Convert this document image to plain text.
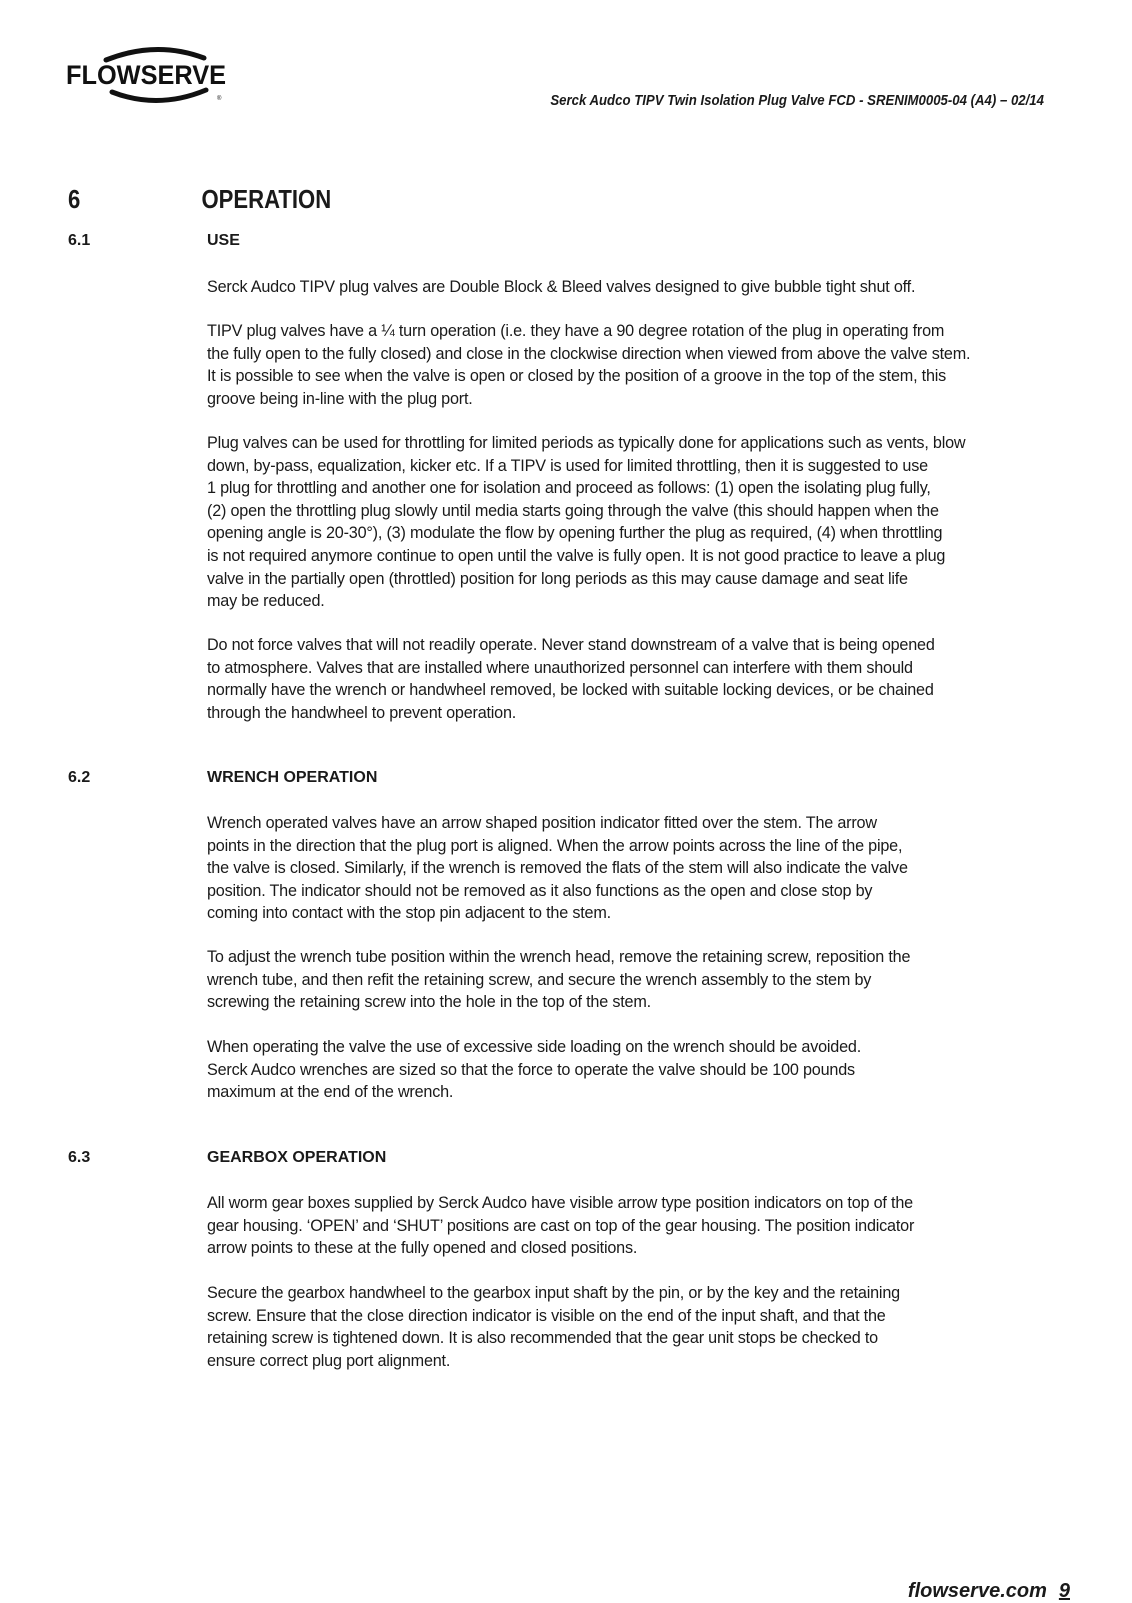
FLOWSERVE
®	Serck Audco TIPV Twin Isolation Plug Valve FCD - SRENIM0005-04 (A4) – 02/14
6	OPERATION
6.1	USE

Serck Audco TIPV plug valves are Double Block & Bleed valves designed to give bubble tight shut off.

TIPV plug valves have a ¼ turn operation (i.e. they have a 90 degree rotation of the plug in operating from
the fully open to the fully closed) and close in the clockwise direction when viewed from above the valve stem.
It is possible to see when the valve is open or closed by the position of a groove in the top of the stem, this
groove being in-line with the plug port.

Plug valves can be used for throttling for limited periods as typically done for applications such as vents, blow
down, by-pass, equalization, kicker etc. If a TIPV is used for limited throttling, then it is suggested to use
1 plug for throttling and another one for isolation and proceed as follows: (1) open the isolating plug fully,
(2) open the throttling plug slowly until media starts going through the valve (this should happen when the
opening angle is 20-30°), (3) modulate the flow by opening further the plug as required, (4) when throttling
is not required anymore continue to open until the valve is fully open. It is not good practice to leave a plug
valve in the partially open (throttled) position for long periods as this may cause damage and seat life
may be reduced.

Do not force valves that will not readily operate. Never stand downstream of a valve that is being opened
to atmosphere. Valves that are installed where unauthorized personnel can interfere with them should
normally have the wrench or handwheel removed, be locked with suitable locking devices, or be chained
through the handwheel to prevent operation.

6.2	WRENCH OPERATION

Wrench operated valves have an arrow shaped position indicator fitted over the stem. The arrow
points in the direction that the plug port is aligned. When the arrow points across the line of the pipe,
the valve is closed. Similarly, if the wrench is removed the flats of the stem will also indicate the valve
position. The indicator should not be removed as it also functions as the open and close stop by
coming into contact with the stop pin adjacent to the stem.

To adjust the wrench tube position within the wrench head, remove the retaining screw, reposition the
wrench tube, and then refit the retaining screw, and secure the wrench assembly to the stem by
screwing the retaining screw into the hole in the top of the stem.

When operating the valve the use of excessive side loading on the wrench should be avoided.
Serck Audco wrenches are sized so that the force to operate the valve should be 100 pounds
maximum at the end of the wrench.

6.3	GEARBOX OPERATION

All worm gear boxes supplied by Serck Audco have visible arrow type position indicators on top of the
gear housing. ‘OPEN’ and ‘SHUT’ positions are cast on top of the gear housing. The position indicator
arrow points to these at the fully opened and closed positions.

Secure the gearbox handwheel to the gearbox input shaft by the pin, or by the key and the retaining
screw. Ensure that the close direction indicator is visible on the end of the input shaft, and that the
retaining screw is tightened down. It is also recommended that the gear unit stops be checked to
ensure correct plug port alignment.

flowserve.com 9
